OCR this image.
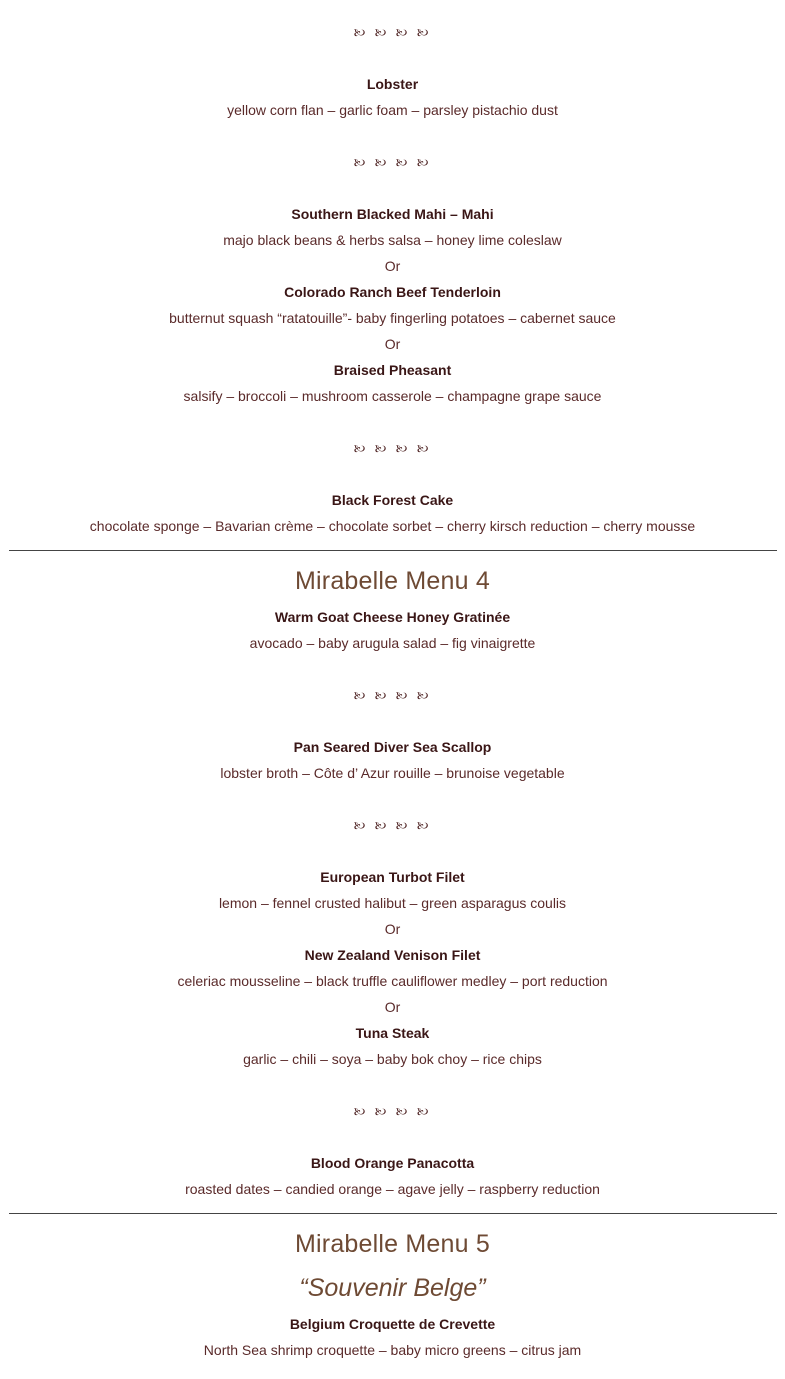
🙠 🙠 🙠 🙠
Lobster
yellow corn flan – garlic foam – parsley pistachio dust
🙠 🙠 🙠 🙠
Southern Blacked Mahi – Mahi
majo black beans & herbs salsa – honey lime coleslaw
Or
Colorado Ranch Beef Tenderloin
butternut squash “ratatouille”- baby fingerling potatoes – cabernet sauce
Or
Braised Pheasant
salsify – broccoli – mushroom casserole – champagne grape sauce
🙠 🙠 🙠 🙠
Black Forest Cake
chocolate sponge – Bavarian crème – chocolate sorbet – cherry kirsch reduction – cherry mousse
Mirabelle Menu 4
Warm Goat Cheese Honey Gratinée
avocado – baby arugula salad – fig vinaigrette
🙠 🙠 🙠 🙠
Pan Seared Diver Sea Scallop
lobster broth – Côte d’ Azur rouille – brunoise vegetable
🙠 🙠 🙠 🙠
European Turbot Filet
lemon – fennel crusted halibut – green asparagus coulis
Or
New Zealand Venison Filet
celeriac mousseline – black truffle cauliflower medley – port reduction
Or
Tuna Steak
garlic – chili – soya – baby bok choy – rice chips
🙠 🙠 🙠 🙠
Blood Orange Panacotta
roasted dates – candied orange – agave jelly – raspberry reduction
Mirabelle Menu 5
“Souvenir Belge”
Belgium Croquette de Crevette
North Sea shrimp croquette – baby micro greens – citrus jam
